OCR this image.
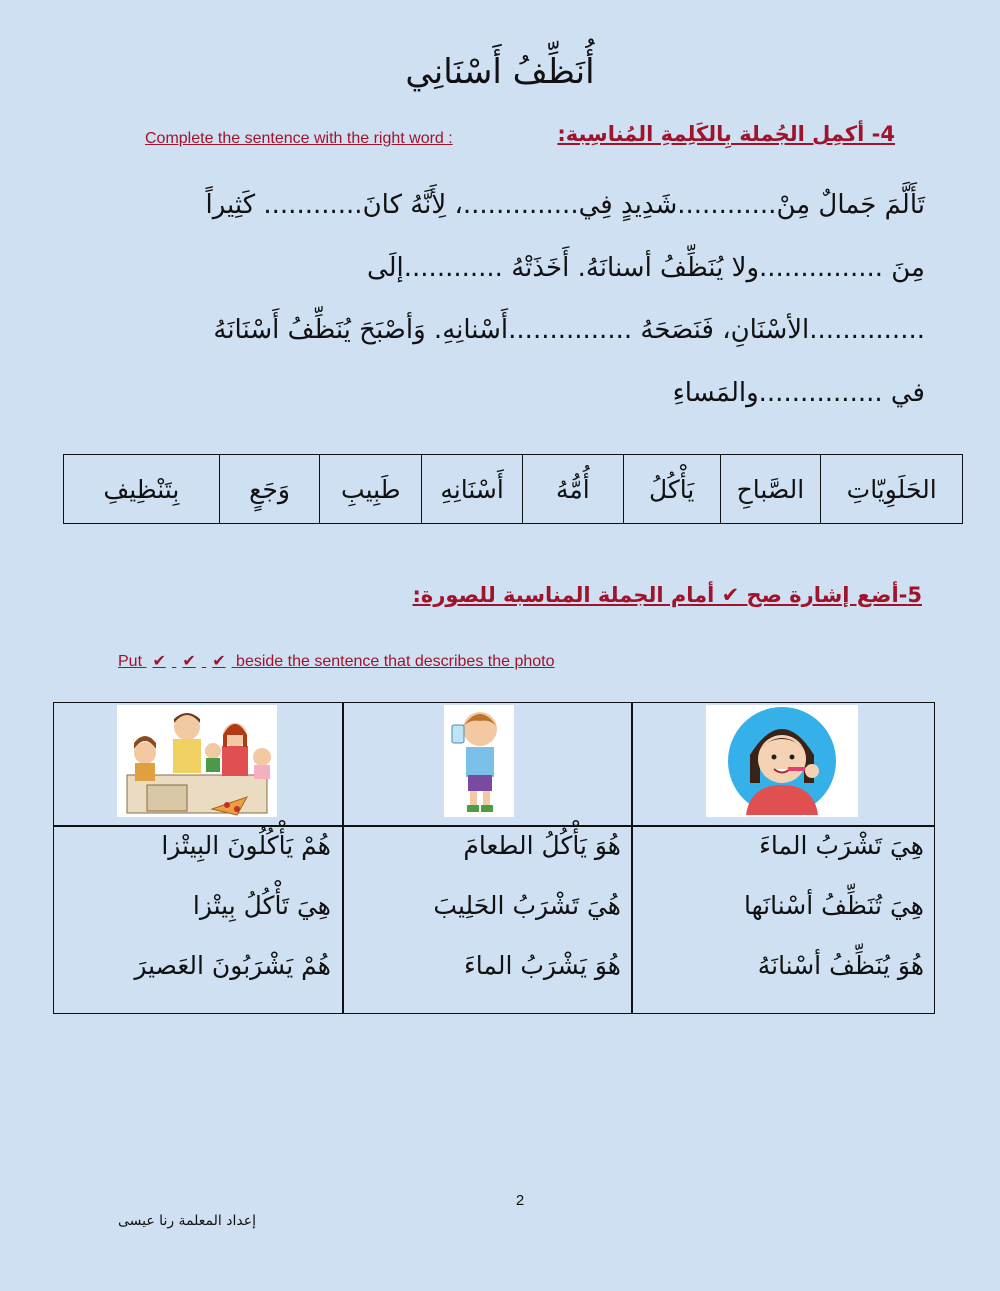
أُنَظِّفُ أَسْنَانِي
Complete the sentence with the right word :	4- أكمِل الجُملة بِالكَلِمةِ المُناسِبة:
تَأَلَّمَ جَمالٌ مِنْ............شَدِيدٍ فِي..............، لِأَنَّهُ كانَ............ كَثِيراً
مِنَ ...............ولا يُنَظِّفُ أسنانَهُ. أَخَذَتْهُ ............إلَى
..............الأسْنَانِ، فَنَصَحَهُ ...............أَسْنانِهِ. وَأصْبَحَ يُنَظِّفُ أَسْنَانَهُ
في ...............والمَساءِ
الحَلَوِيّاتِ
الصَّباحِ
يَأْكُلُ
أُمُّهُ
أَسْنَانِهِ
طَبِيبِ
وَجَعٍ
بِتَنْظِيفِ
5-أضع إشارة صح ✔ أمام الجملة المناسبة للصورة:
Put ✔ ✔ ✔ beside the sentence that describes the photo
هِيَ تَشْرَبُ الماءَ
هِيَ تُنَظِّفُ أسْنانَها
هُوَ يُنَظِّفُ أسْنانَهُ
هُوَ يَأْكُلُ الطعامَ
هُيَ تَشْرَبُ الحَلِيبَ
هُوَ يَشْرَبُ الماءَ
هُمْ يَأْكُلُونَ البِيتْزا
هِيَ تَأْكُلُ بِيتْزا
هُمْ يَشْرَبُونَ العَصيرَ
2
إعداد المعلمة رنا عيسى
